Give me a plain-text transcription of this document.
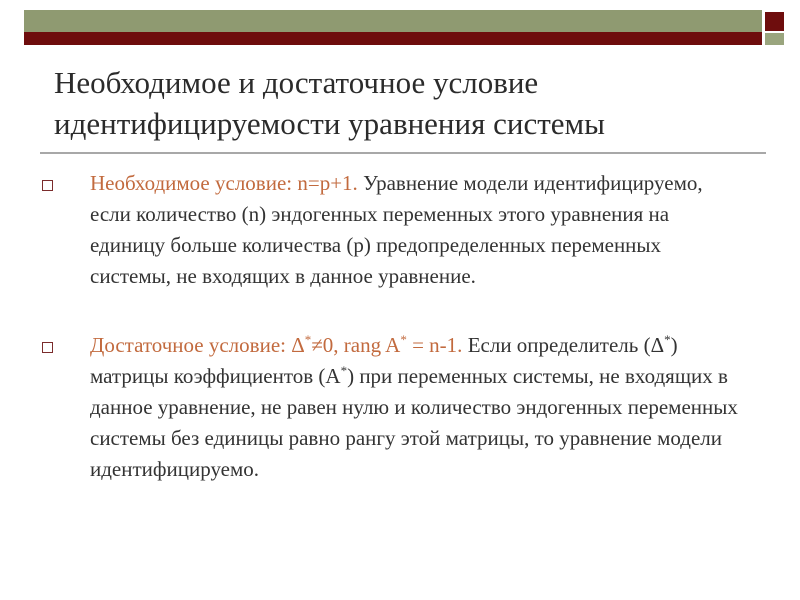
Необходимое и достаточное условие
идентифицируемости уравнения системы
Необходимое условие: n=p+1. Уравнение модели идентифицируемо, если количество (n) эндогенных переменных этого уравнения на единицу больше количества (p) предопределенных переменных системы, не входящих в данное уравнение.
Достаточное условие: Δ*≠0, rang A* = n-1. Если определитель (Δ*) матрицы коэффициентов (А*) при переменных системы, не входящих в данное уравнение, не равен нулю и количество эндогенных переменных системы без единицы равно рангу этой матрицы, то уравнение модели идентифицируемо.
